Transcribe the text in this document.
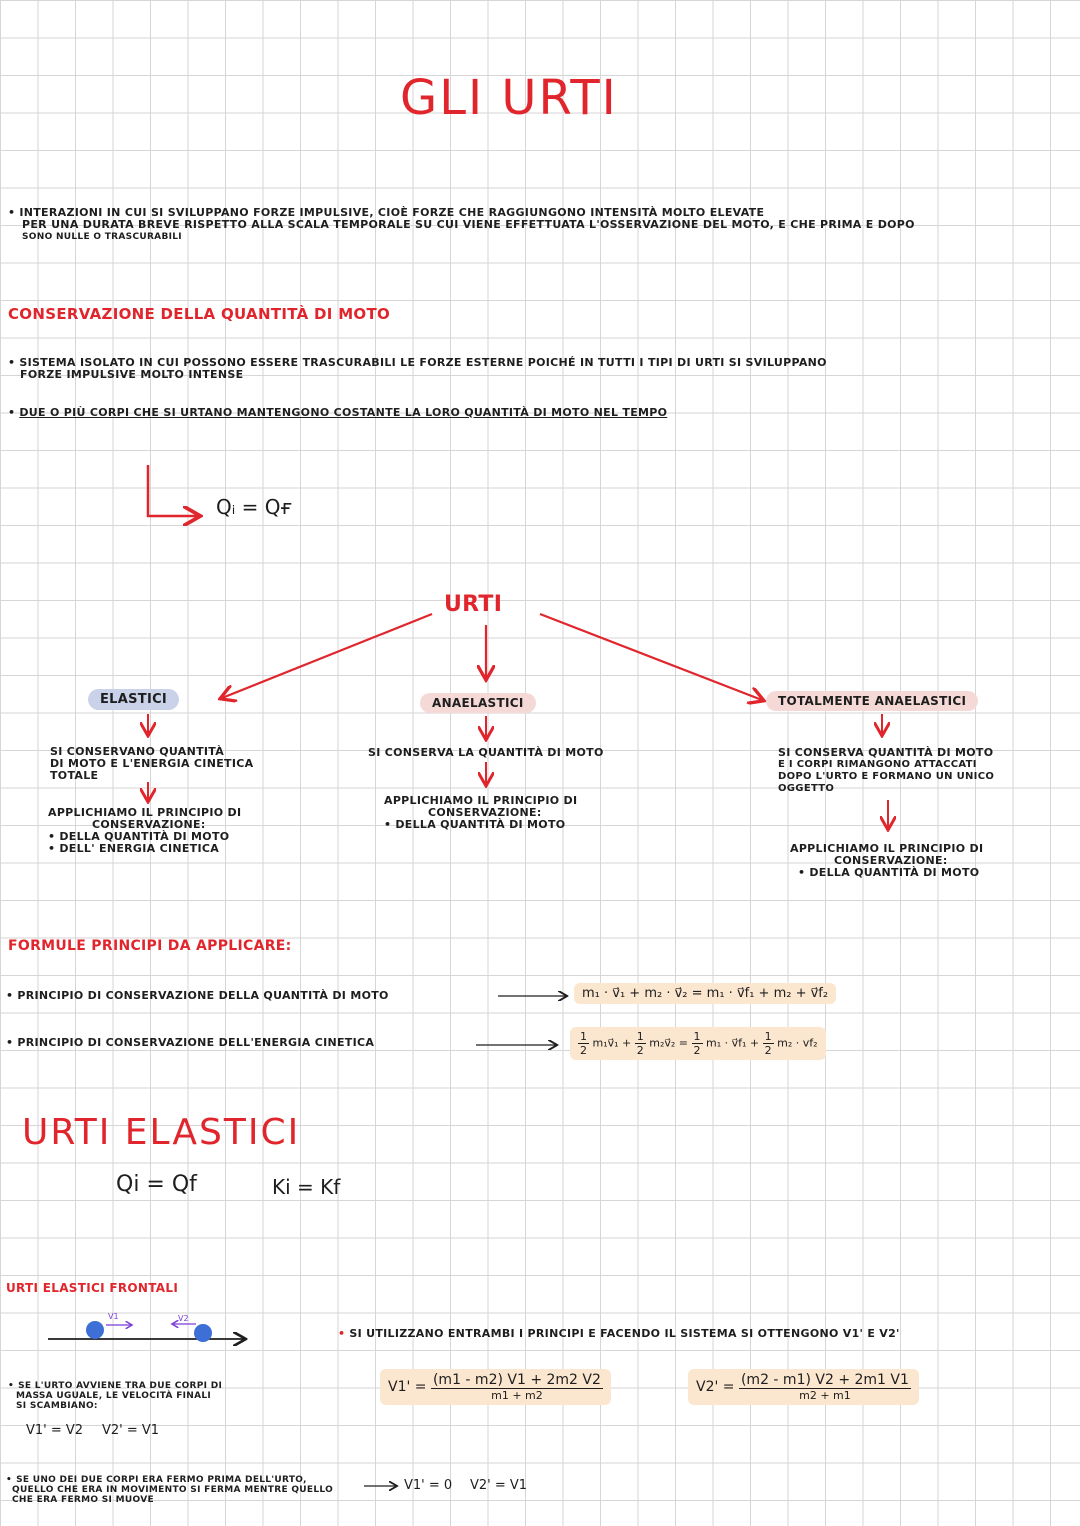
GLI URTI
• INTERAZIONI IN CUI SI SVILUPPANO FORZE IMPULSIVE, CIOÈ FORZE CHE RAGGIUNGONO INTENSITÀ MOLTO ELEVATE
PER UNA DURATA BREVE RISPETTO ALLA SCALA TEMPORALE SU CUI VIENE EFFETTUATA L'OSSERVAZIONE DEL MOTO, E CHE PRIMA E DOPO
SONO NULLE O TRASCURABILI
CONSERVAZIONE DELLA QUANTITÀ DI MOTO
• SISTEMA ISOLATO IN CUI POSSONO ESSERE TRASCURABILI LE FORZE ESTERNE POICHÉ IN TUTTI I TIPI DI URTI SI SVILUPPANO
FORZE IMPULSIVE MOLTO INTENSE
• DUE O PIÙ CORPI CHE SI URTANO MANTENGONO COSTANTE LA LORO QUANTITÀ DI MOTO NEL TEMPO
Qᵢ = Qғ
URTI
ELASTICI	ANAELASTICI	TOTALMENTE ANAELASTICI
SI CONSERVANO QUANTITÀ
DI MOTO E L'ENERGIA CINETICA
TOTALE
APPLICHIAMO IL PRINCIPIO DI
CONSERVAZIONE:
• DELLA QUANTITÀ DI MOTO
• DELL' ENERGIA CINETICA
SI CONSERVA LA QUANTITÀ DI MOTO
APPLICHIAMO IL PRINCIPIO DI
CONSERVAZIONE:
• DELLA QUANTITÀ DI MOTO
SI CONSERVA QUANTITÀ DI MOTO
E I CORPI RIMANGONO ATTACCATI
DOPO L'URTO E FORMANO UN UNICO
OGGETTO
APPLICHIAMO IL PRINCIPIO DI
CONSERVAZIONE:
• DELLA QUANTITÀ DI MOTO
FORMULE PRINCIPI DA APPLICARE:
• PRINCIPIO DI CONSERVAZIONE DELLA QUANTITÀ DI MOTO	m₁ · v⃗₁ + m₂ · v⃗₂ = m₁ · v⃗f₁ + m₂ + v⃗f₂
• PRINCIPIO DI CONSERVAZIONE DELL'ENERGIA CINETICA	$\frac{1}{2}$ m₁v⃗₁ + $\frac{1}{2}$ m₂v⃗₂ = $\frac{1}{2} m_1$ · v⃗f₁ + $\frac{1}{2} m_2 \cdot vf_2$
URTI ELASTICI
Qi = Qf	Ki = Kf
URTI ELASTICI FRONTALI
V1	V2
• SE L'URTO AVVIENE TRA DUE CORPI DI
MASSA UGUALE, LE VELOCITÀ FINALI
SI SCAMBIANO:
V1' = V2 V2' = V1
• SI UTILIZZANO ENTRAMBI I PRINCIPI E FACENDO IL SISTEMA SI OTTENGONO V1' E V2'
$V1' = \frac{(m1 - m2) V1 + 2m2 V2}{m1 + m2}$	$V2' = \frac{(m2 - m1) V2 + 2m1 V1}{m2 + m1}$
• SE UNO DEI DUE CORPI ERA FERMO PRIMA DELL'URTO,
QUELLO CHE ERA IN MOVIMENTO SI FERMA MENTRE QUELLO
CHE ERA FERMO SI MUOVE
V1' = 0 V2' = V1
